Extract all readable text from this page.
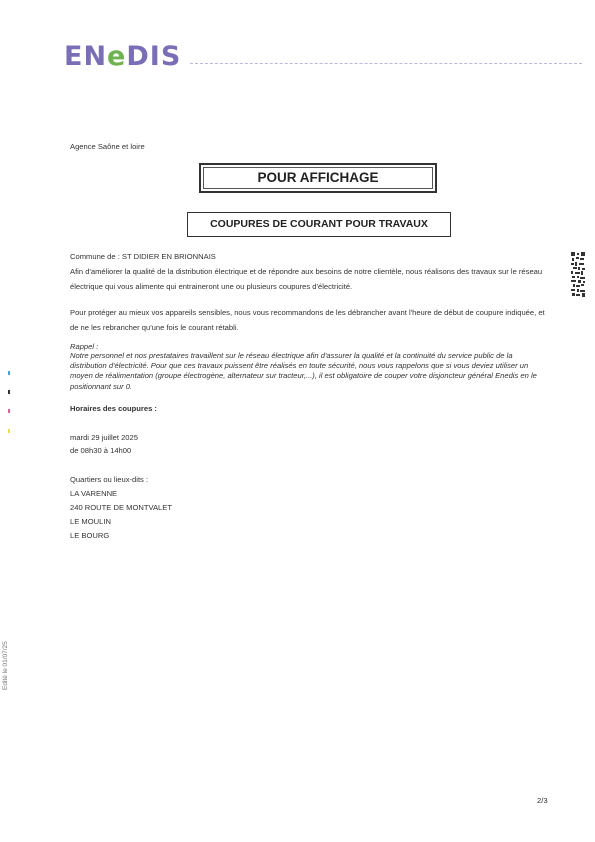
ENeDIS
Agence Saône et loire
POUR AFFICHAGE
COUPURES DE COURANT POUR TRAVAUX
Commune de : ST DIDIER EN BRIONNAIS
Afin d'améliorer la qualité de la distribution électrique et de répondre aux besoins de notre clientèle, nous réalisons des travaux sur le réseau électrique qui vous alimente qui entraineront une ou plusieurs coupures d'électricité.
Pour protéger au mieux vos appareils sensibles, nous vous recommandons de les débrancher avant l'heure de début de coupure indiquée, et de ne les rebrancher qu'une fois le courant rétabli.
Rappel :
Notre personnel et nos prestataires travaillent sur le réseau électrique afin d'assurer la qualité et la continuité du service public de la distribution d'électricité. Pour que ces travaux puissent être réalisés en toute sécurité, nous vous rappelons que si vous deviez utiliser un moyen de réalimentation (groupe électrogène, alternateur sur tracteur,...), il est obligatoire de couper votre disjoncteur général Enedis en le positionnant sur 0.
Horaires des coupures :
mardi 29 juillet 2025
de 08h30 à 14h00
Quartiers ou lieux-dits :
LA VARENNE
240 ROUTE DE MONTVALET
LE MOULIN
LE BOURG
2/3
Edité le 01/07/25
